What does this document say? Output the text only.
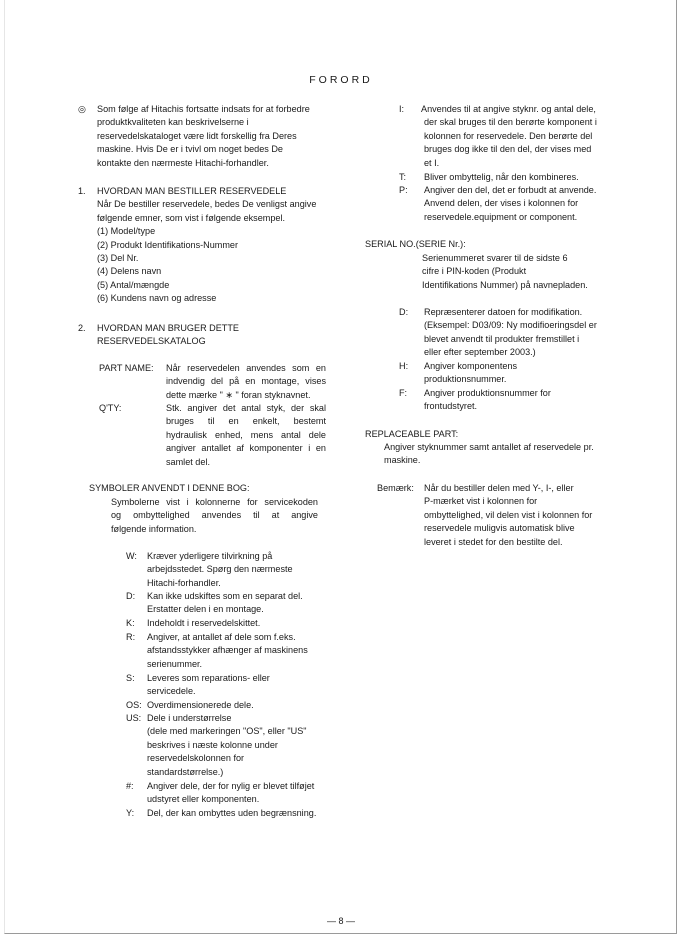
FORORD
◎ Som følge af Hitachis fortsatte indsats for at forbedre
produktkvaliteten kan beskrivelserne i
reservedelskataloget være lidt forskellig fra Deres
maskine. Hvis De er i tvivl om noget bedes De
kontakte den nærmeste Hitachi-forhandler.
1. HVORDAN MAN BESTILLER RESERVEDELE
Når De bestiller reservedele, bedes De venligst angive
følgende emner, som vist i følgende eksempel.
(1) Model/type
(2) Produkt Identifikations-Nummer
(3) Del Nr.
(4) Delens navn
(5) Antal/mængde
(6) Kundens navn og adresse
2. HVORDAN MAN BRUGER DETTE
RESERVEDELSKATALOG
PART NAME: Når reservedelen anvendes som en
indvendig del på en montage, vises
dette mærke " ∗ " foran styknavnet.
Q'TY:	Stk. angiver det antal styk, der skal
bruges til en enkelt, bestemt
hydraulisk enhed, mens antal dele
angiver antallet af komponenter i en
samlet del.
SYMBOLER ANVENDT I DENNE BOG:
Symbolerne vist i kolonnerne for servicekoden
og ombyttelighed anvendes til at angive
følgende information.
W: Kræver yderligere tilvirkning på
arbejdsstedet. Spørg den nærmeste
Hitachi-forhandler.
D: Kan ikke udskiftes som en separat del.
Erstatter delen i en montage.
K: Indeholdt i reservedelskittet.
R: Angiver, at antallet af dele som f.eks.
afstandsstykker afhænger af maskinens
serienummer.
S: Leveres som reparations- eller
servicedele.
OS: Overdimensionerede dele.
US: Dele i understørrelse
(dele med markeringen "OS", eller "US"
beskrives i næste kolonne under
reservedelskolonnen for
standardstørrelse.)
#: Angiver dele, der for nylig er blevet tilføjet
udstyret eller komponenten.
Y: Del, der kan ombyttes uden begrænsning.
I: Anvendes til at angive styknr. og antal dele,
der skal bruges til den berørte komponent i
kolonnen for reservedele. Den berørte del
bruges dog ikke til den del, der vises med
et I.
T: Bliver ombyttelig, når den kombineres.
P: Angiver den del, det er forbudt at anvende.
Anvend delen, der vises i kolonnen for
reservedele.equipment or component.
SERIAL NO.(SERIE Nr.):
Serienummeret svarer til de sidste 6
cifre i PIN-koden (Produkt
Identifikations Nummer) på navnepladen.
D: Repræsenterer datoen for modifikation.
(Eksempel: D03/09: Ny modifioeringsdel er
blevet anvendt til produkter fremstillet i
eller efter september 2003.)
H: Angiver komponentens
produktionsnummer.
F: Angiver produktionsnummer for
frontudstyret.
REPLACEABLE PART:
Angiver styknummer samt antallet af reservedele pr.
maskine.
Bemærk: Når du bestiller delen med Y-, I-, eller
P-mærket vist i kolonnen for
ombyttelighed, vil delen vist i kolonnen for
reservedele muligvis automatisk blive
leveret i stedet for den bestilte del.
— 8 —
